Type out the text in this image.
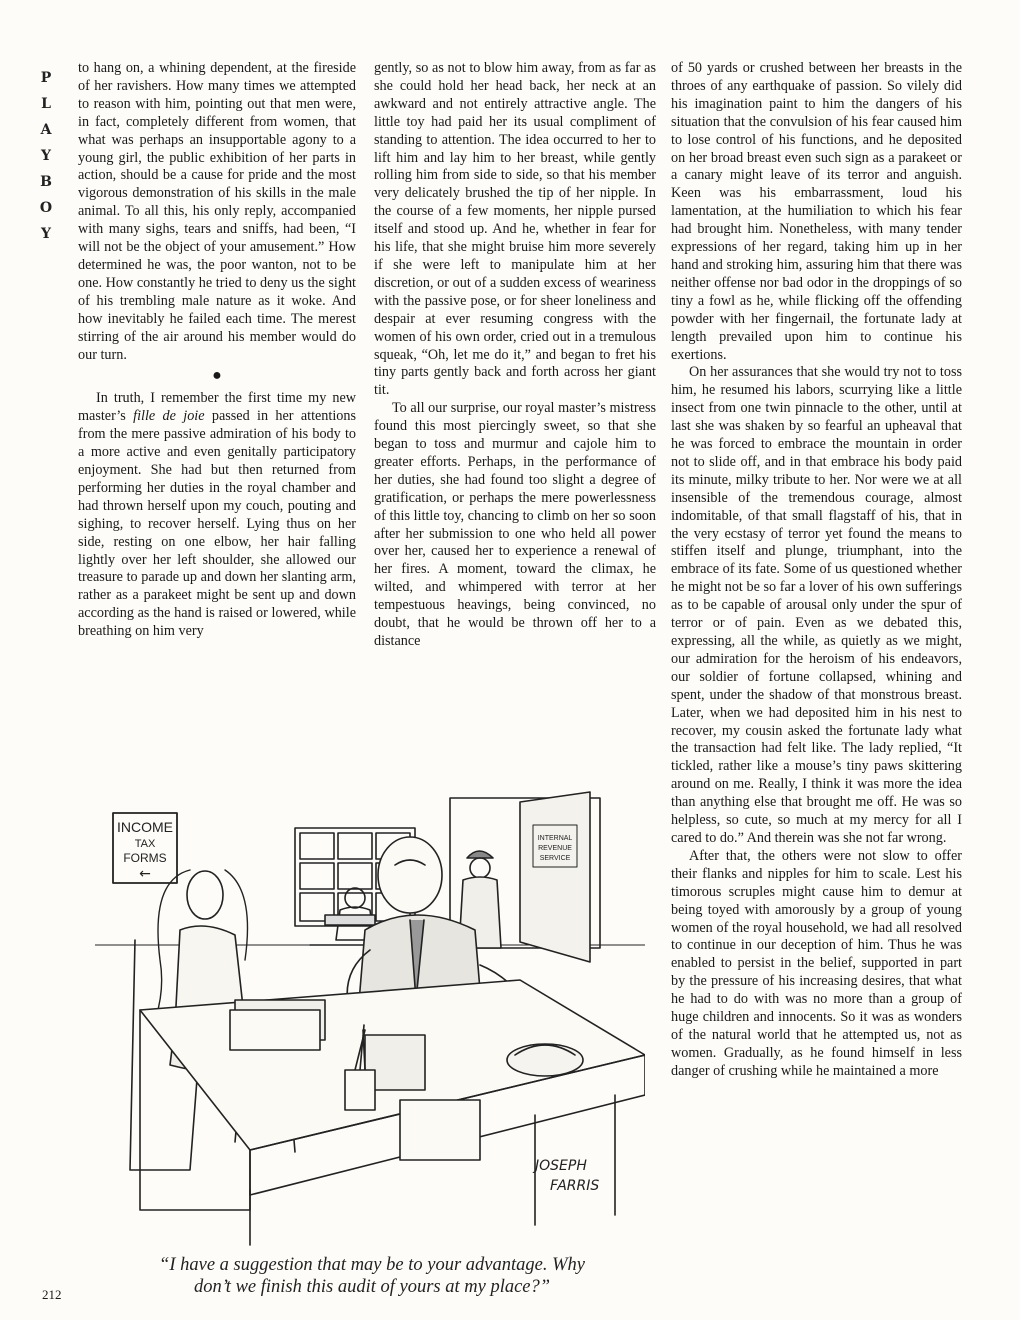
P
L
A
Y
B
O
Y

to hang on, a whining dependent, at the fireside of her ravishers. How many times we attempted to reason with him, pointing out that men were, in fact, completely different from women, that what was perhaps an insupportable agony to a young girl, the public exhibition of her parts in action, should be a cause for pride and the most vigorous demonstration of his skills in the male animal. To all this, his only reply, accompanied with many sighs, tears and sniffs, had been, “I will not be the object of your amusement.” How determined he was, the poor wanton, not to be one. How constantly he tried to deny us the sight of his trembling male nature as it woke. And how inevitably he failed each time. The merest stirring of the air around his member would do our turn.

●

In truth, I remember the first time my new master’s fille de joie passed in her attentions from the mere passive admiration of his body to a more active and even genitally participatory enjoyment. She had but then returned from performing her duties in the royal chamber and had thrown herself upon my couch, pouting and sighing, to recover herself. Lying thus on her side, resting on one elbow, her hair falling lightly over her left shoulder, she allowed our treasure to parade up and down her slanting arm, rather as a parakeet might be sent up and down according as the hand is raised or lowered, while breathing on him very

gently, so as not to blow him away, from as far as she could hold her head back, her neck at an awkward and not entirely attractive angle. The little toy had paid her its usual compliment of standing to attention. The idea occurred to her to lift him and lay him to her breast, while gently rolling him from side to side, so that his member very delicately brushed the tip of her nipple. In the course of a few moments, her nipple pursed itself and stood up. And he, whether in fear for his life, that she might bruise him more severely if she were left to manipulate him at her discretion, or out of a sudden excess of weariness with the passive pose, or for sheer loneliness and despair at ever resuming congress with the women of his own order, cried out in a tremulous squeak, “Oh, let me do it,” and began to fret his tiny parts gently back and forth across her giant tit.

To all our surprise, our royal master’s mistress found this most piercingly sweet, so that she began to toss and murmur and cajole him to greater efforts. Perhaps, in the performance of her duties, she had found too slight a degree of gratification, or perhaps the mere powerlessness of this little toy, chancing to climb on her so soon after her submission to one who held all power over her, caused her to experience a renewal of her fires. A moment, toward the climax, he wilted, and whimpered with terror at her tempestuous heavings, being convinced, no doubt, that he would be thrown off her to a distance

of 50 yards or crushed between her breasts in the throes of any earthquake of passion. So vilely did his imagination paint to him the dangers of his situation that the convulsion of his fear caused him to lose control of his functions, and he deposited on her broad breast even such sign as a parakeet or a canary might leave of its terror and anguish. Keen was his embarrassment, loud his lamentation, at the humiliation to which his fear had brought him. Nonetheless, with many tender expressions of her regard, taking him up in her hand and stroking him, assuring him that there was neither offense nor bad odor in the droppings of so tiny a fowl as he, while flicking off the offending powder with her fingernail, the fortunate lady at length prevailed upon him to continue his exertions.

On her assurances that she would try not to toss him, he resumed his labors, scurrying like a little insect from one twin pinnacle to the other, until at last she was shaken by so fearful an upheaval that he was forced to embrace the mountain in order not to slide off, and in that embrace his body paid its minute, milky tribute to her. Nor were we at all insensible of the tremendous courage, almost indomitable, of that small flagstaff of his, that in the very ecstasy of terror yet found the means to stiffen itself and plunge, triumphant, into the embrace of its fate. Some of us questioned whether he might not be so far a lover of his own sufferings as to be capable of arousal only under the spur of terror or of pain. Even as we debated this, expressing, all the while, as quietly as we might, our admiration for the heroism of his endeavors, our soldier of fortune collapsed, whining and spent, under the shadow of that monstrous breast. Later, when we had deposited him in his nest to recover, my cousin asked the fortunate lady what the transaction had felt like. The lady replied, “It tickled, rather like a mouse’s tiny paws skittering around on me. Really, I think it was more the idea than anything else that brought me off. He was so helpless, so cute, so much at my mercy for all I cared to do.” And therein was she not far wrong.

After that, the others were not slow to offer their flanks and nipples for him to scale. Lest his timorous scruples might cause him to demur at being toyed with amorously by a group of young women of the royal household, we had all resolved to continue in our deception of him. Thus he was enabled to persist in the belief, supported in part by the pressure of his increasing desires, that what he had to do with was no more than a group of huge children and innocents. So it was as wonders of the natural world that he attempted us, not as women. Gradually, as he found himself in less danger of crushing while he maintained a more

INCOME
TAX
FORMS
←
INTERNAL
REVENUE
SERVICE
JOSEPH
FARRIS
“I have a suggestion that may be to your advantage. Why
don’t we finish this audit of yours at my place?”
212
